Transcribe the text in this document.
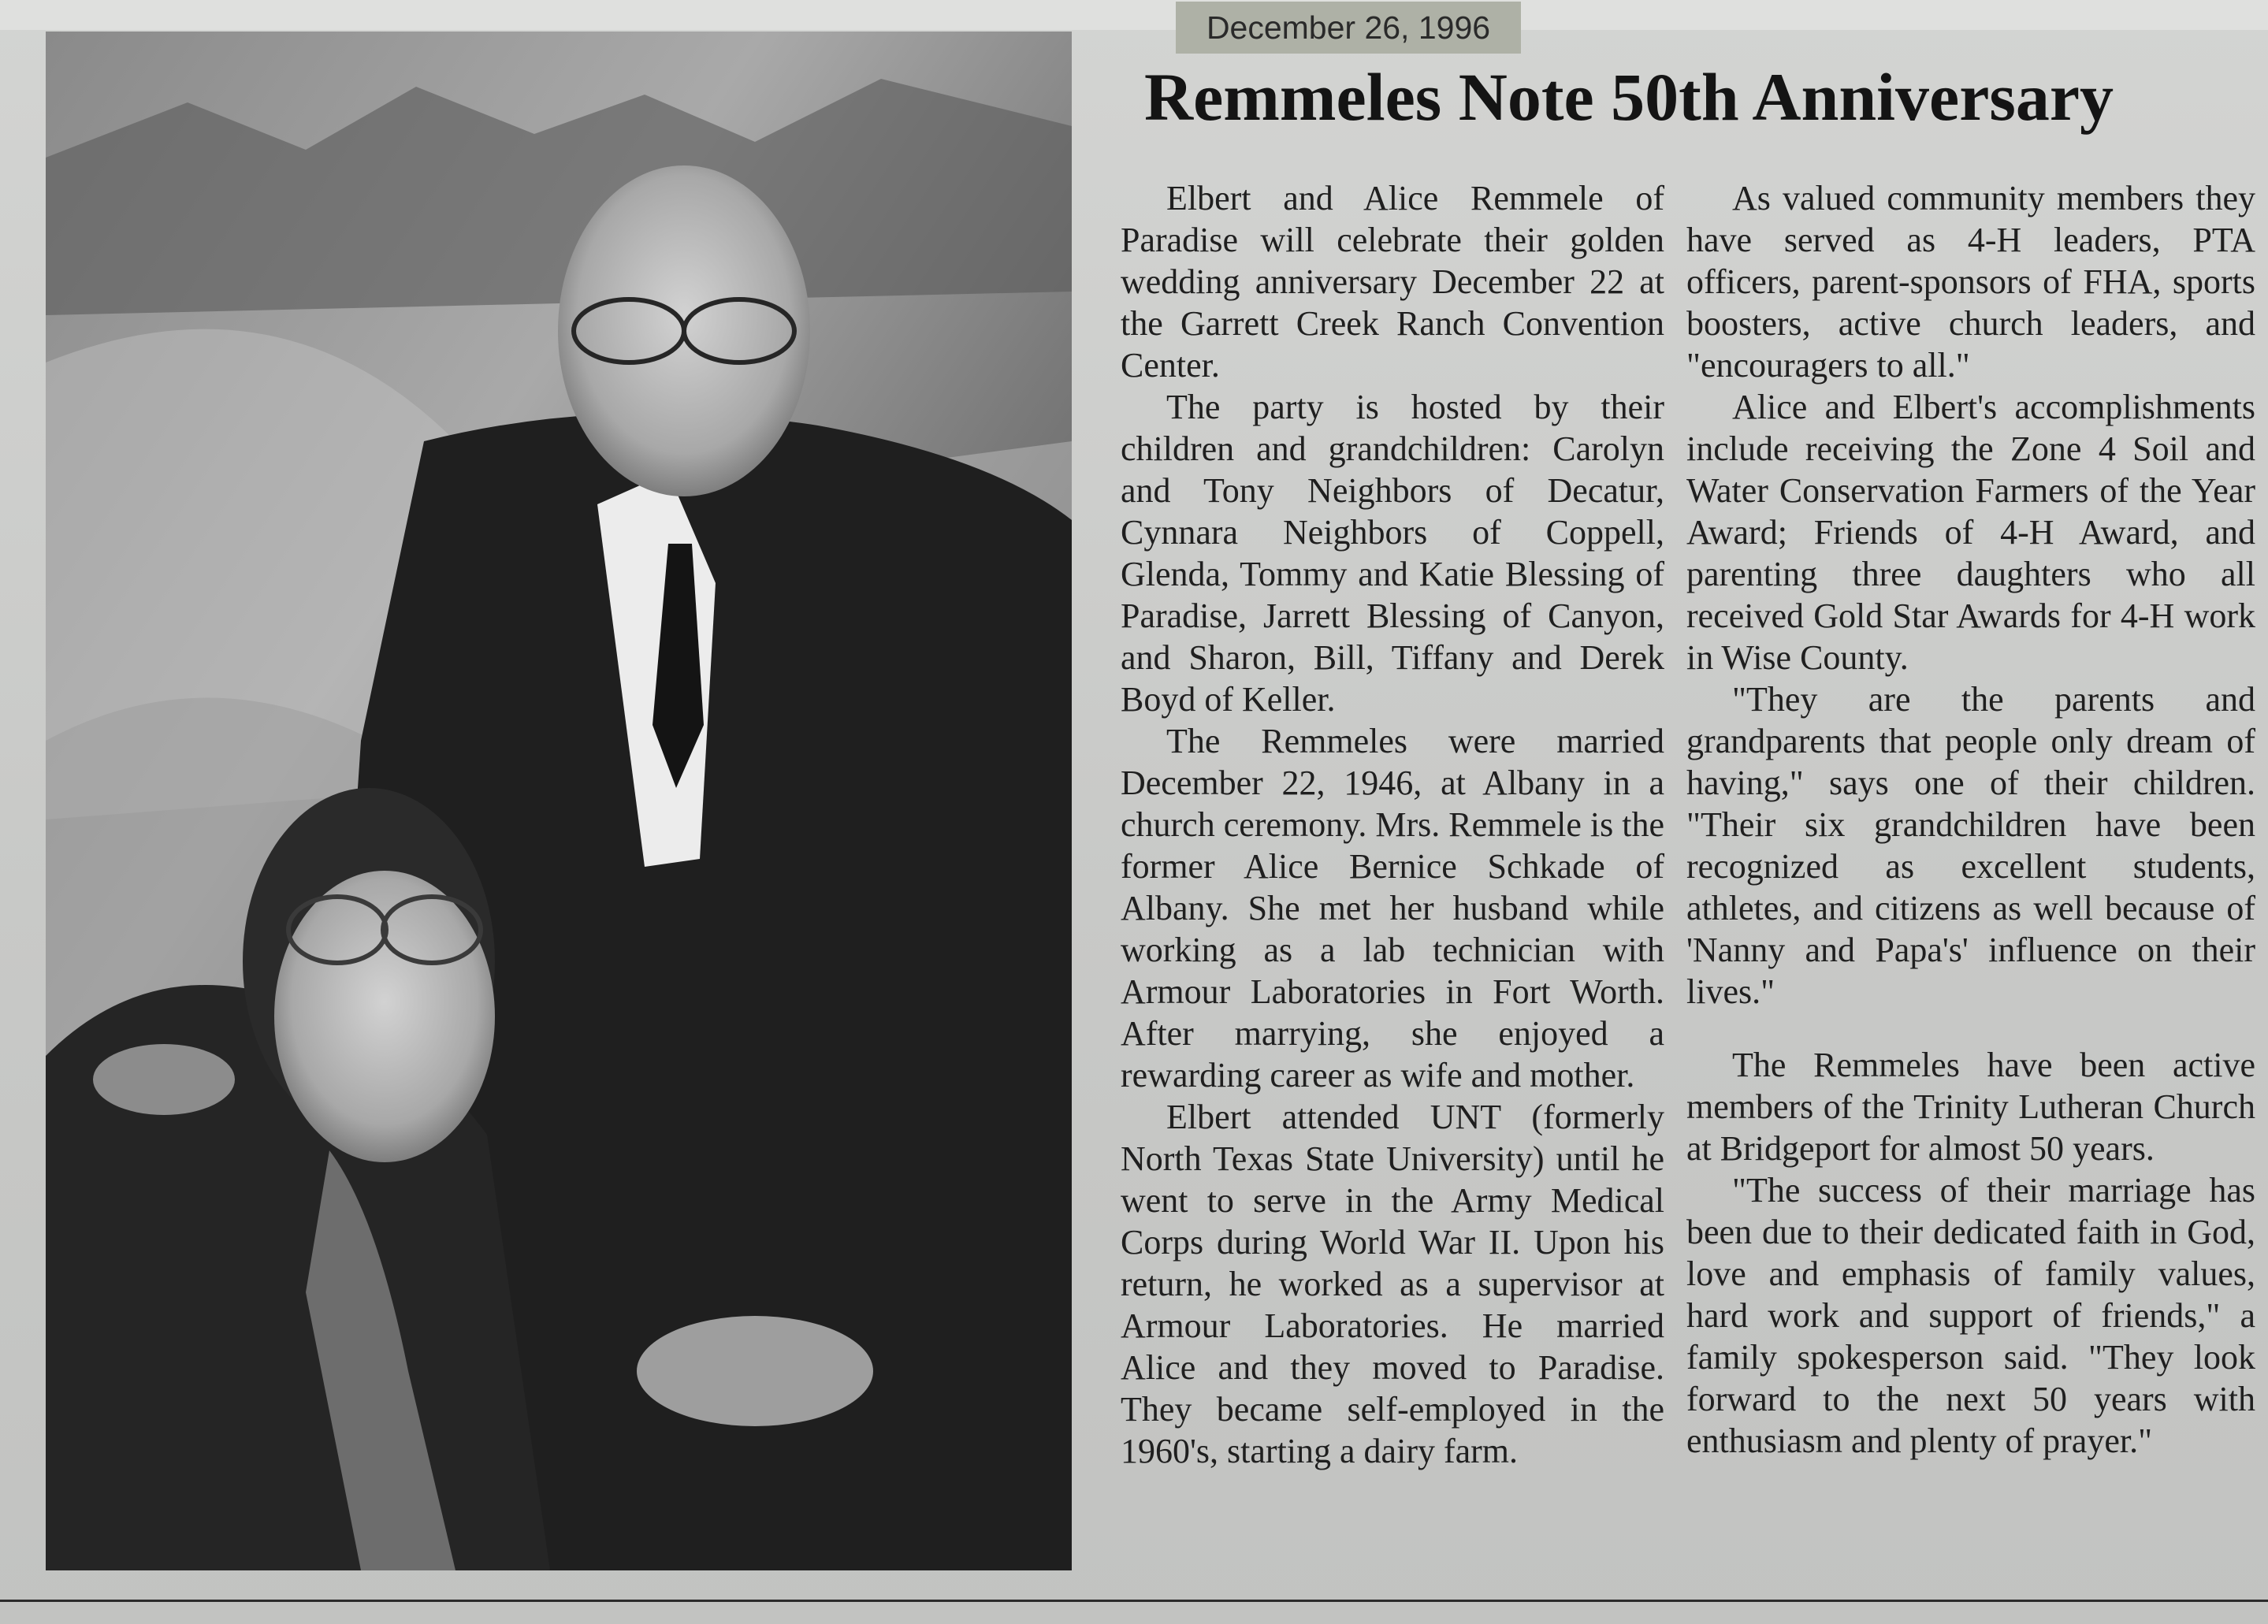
December 26, 1996
Remmeles Note 50th Anniversary

Elbert and Alice Remmele of Paradise will celebrate their golden wedding anniversary December 22 at the Garrett Creek Ranch Convention Center.

The party is hosted by their children and grandchildren: Carolyn and Tony Neighbors of Decatur, Cynnara Neighbors of Coppell, Glenda, Tommy and Katie Blessing of Paradise, Jarrett Blessing of Canyon, and Sharon, Bill, Tiffany and Derek Boyd of Keller.

The Remmeles were married December 22, 1946, at Albany in a church ceremony. Mrs. Remmele is the former Alice Bernice Schkade of Albany. She met her husband while working as a lab technician with Armour Laboratories in Fort Worth. After marrying, she enjoyed a rewarding career as wife and mother.

Elbert attended UNT (formerly North Texas State University) until he went to serve in the Army Medical Corps during World War II. Upon his return, he worked as a supervisor at Armour Laboratories. He married Alice and they moved to Paradise. They became self-employed in the 1960's, starting a dairy farm.

As valued community members they have served as 4-H leaders, PTA officers, parent-sponsors of FHA, sports boosters, active church leaders, and "encouragers to all."

Alice and Elbert's accomplishments include receiving the Zone 4 Soil and Water Conservation Farmers of the Year Award; Friends of 4-H Award, and parenting three daughters who all received Gold Star Awards for 4-H work in Wise County.

"They are the parents and grandparents that people only dream of having," says one of their children. "Their six grandchildren have been recognized as excellent students, athletes, and citizens as well because of 'Nanny and Papa's' influence on their lives."

The Remmeles have been active members of the Trinity Lutheran Church at Bridgeport for almost 50 years.

"The success of their marriage has been due to their dedicated faith in God, love and emphasis of family values, hard work and support of friends," a family spokesperson said. "They look forward to the next 50 years with enthusiasm and plenty of prayer."
